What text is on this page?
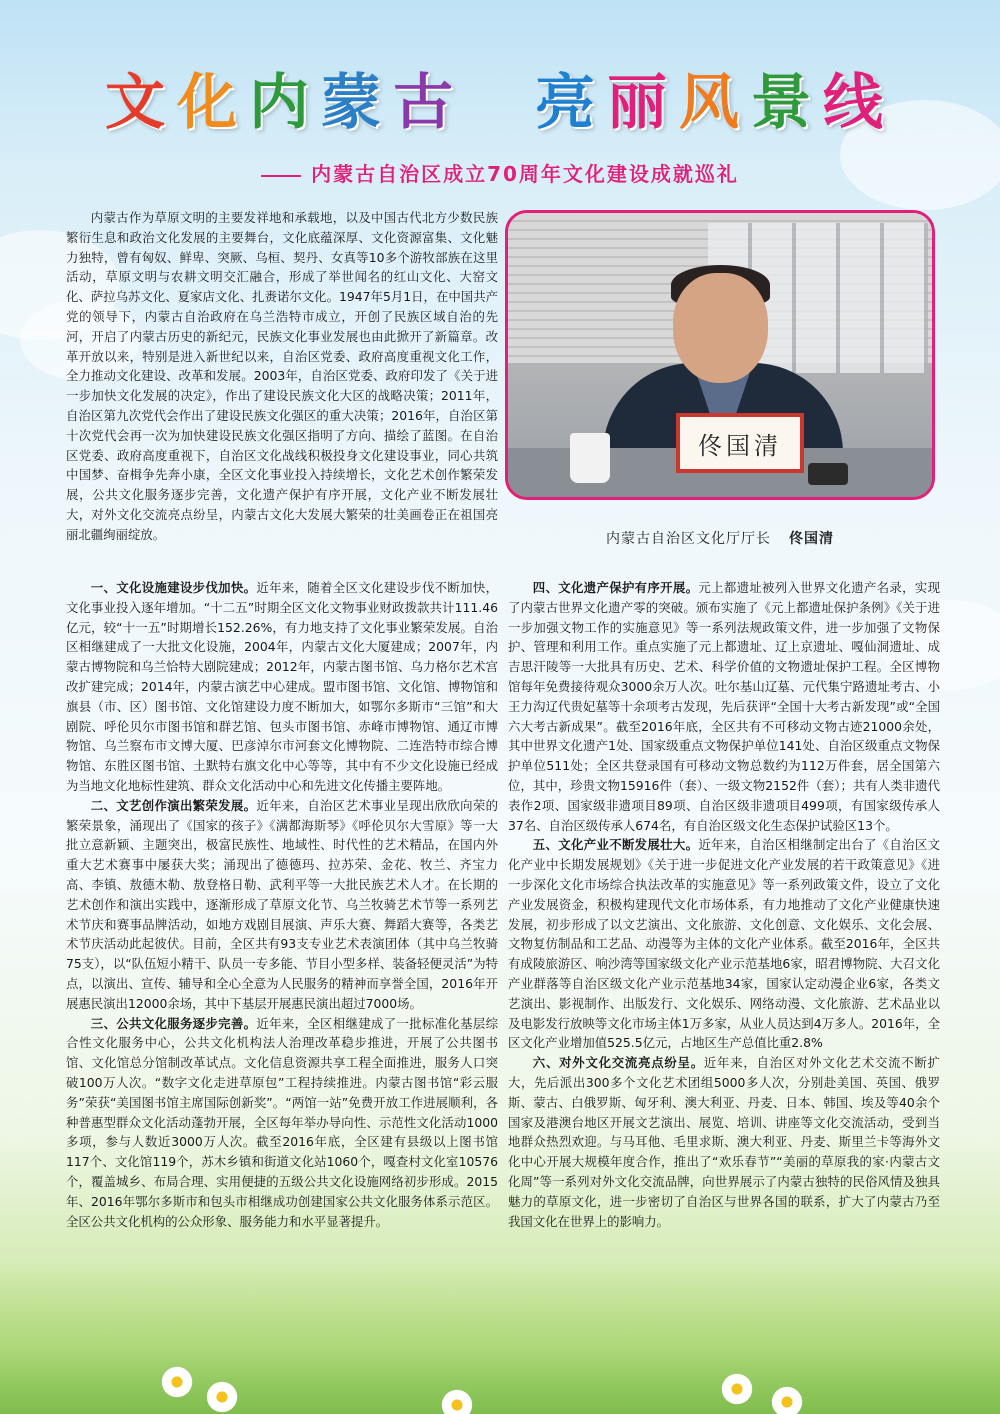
文化内蒙古 亮丽风景线
内蒙古自治区成立70周年文化建设成就巡礼
佟国清
内蒙古自治区文化厅厅长 佟国清
内蒙古作为草原文明的主要发祥地和承载地，以及中国古代北方少数民族繁衍生息和政治文化发展的主要舞台，文化底蕴深厚、文化资源富集、文化魅力独特，曾有匈奴、鲜卑、突厥、乌桓、契丹、女真等10多个游牧部族在这里活动，草原文明与农耕文明交汇融合，形成了举世闻名的红山文化、大窑文化、萨拉乌苏文化、夏家店文化、扎赉诺尔文化。1947年5月1日，在中国共产党的领导下，内蒙古自治政府在乌兰浩特市成立，开创了民族区域自治的先河，开启了内蒙古历史的新纪元，民族文化事业发展也由此掀开了新篇章。改革开放以来，特别是进入新世纪以来，自治区党委、政府高度重视文化工作，全力推动文化建设、改革和发展。2003年，自治区党委、政府印发了《关于进一步加快文化发展的决定》，作出了建设民族文化大区的战略决策；2011年，自治区第九次党代会作出了建设民族文化强区的重大决策；2016年，自治区第十次党代会再一次为加快建设民族文化强区指明了方向、描绘了蓝图。在自治区党委、政府高度重视下，自治区文化战线积极投身文化建设事业，同心共筑中国梦、奋楫争先奔小康，全区文化事业投入持续增长，文化艺术创作繁荣发展，公共文化服务逐步完善，文化遗产保护有序开展，文化产业不断发展壮大，对外文化交流亮点纷呈，内蒙古文化大发展大繁荣的壮美画卷正在祖国亮丽北疆绚丽绽放。

一、文化设施建设步伐加快。近年来，随着全区文化建设步伐不断加快，文化事业投入逐年增加。“十二五”时期全区文化文物事业财政拨款共计111.46亿元，较“十一五”时期增长152.26%，有力地支持了文化事业繁荣发展。自治区相继建成了一大批文化设施，2004年，内蒙古文化大厦建成；2007年，内蒙古博物院和乌兰恰特大剧院建成；2012年，内蒙古图书馆、乌力格尔艺术宫改扩建完成；2014年，内蒙古演艺中心建成。盟市图书馆、文化馆、博物馆和旗县（市、区）图书馆、文化馆建设力度不断加大，如鄂尔多斯市“三馆”和大剧院、呼伦贝尔市图书馆和群艺馆、包头市图书馆、赤峰市博物馆、通辽市博物馆、乌兰察布市文博大厦、巴彦淖尔市河套文化博物院、二连浩特市综合博物馆、东胜区图书馆、土默特右旗文化中心等等，其中有不少文化设施已经成为当地文化地标性建筑、群众文化活动中心和先进文化传播主要阵地。

二、文艺创作演出繁荣发展。近年来，自治区艺术事业呈现出欣欣向荣的繁荣景象，涌现出了《国家的孩子》《满都海斯琴》《呼伦贝尔大雪原》等一大批立意新颖、主题突出，极富民族性、地域性、时代性的艺术精品，在国内外重大艺术赛事中屡获大奖；涌现出了德德玛、拉苏荣、金花、牧兰、齐宝力高、李镇、敖德木勒、敖登格日勒、武利平等一大批民族艺术人才。在长期的艺术创作和演出实践中，逐渐形成了草原文化节、乌兰牧骑艺术节等一系列艺术节庆和赛事品牌活动，如地方戏剧目展演、声乐大赛、舞蹈大赛等，各类艺术节庆活动此起彼伏。目前，全区共有93支专业艺术表演团体（其中乌兰牧骑75支），以“队伍短小精干、队员一专多能、节目小型多样、装备轻便灵活”为特点，以演出、宣传、辅导和全心全意为人民服务的精神而享誉全国，2016年开展惠民演出12000余场，其中下基层开展惠民演出超过7000场。

三、公共文化服务逐步完善。近年来，全区相继建成了一批标准化基层综合性文化服务中心，公共文化机构法人治理改革稳步推进，开展了公共图书馆、文化馆总分馆制改革试点。文化信息资源共享工程全面推进，服务人口突破100万人次。“数字文化走进草原包”工程持续推进。内蒙古图书馆“彩云服务”荣获“美国图书馆主席国际创新奖”。“两馆一站”免费开放工作进展顺利，各种普惠型群众文化活动蓬勃开展，全区每年举办导向性、示范性文化活动1000多项，参与人数近3000万人次。截至2016年底，全区建有县级以上图书馆117个、文化馆119个，苏木乡镇和街道文化站1060个，嘎查村文化室10576个，覆盖城乡、布局合理、实用便捷的五级公共文化设施网络初步形成。2015年、2016年鄂尔多斯市和包头市相继成功创建国家公共文化服务体系示范区。全区公共文化机构的公众形象、服务能力和水平显著提升。

四、文化遗产保护有序开展。元上都遗址被列入世界文化遗产名录，实现了内蒙古世界文化遗产零的突破。颁布实施了《元上都遗址保护条例》《关于进一步加强文物工作的实施意见》等一系列法规政策文件，进一步加强了文物保护、管理和利用工作。重点实施了元上都遗址、辽上京遗址、嘎仙洞遗址、成吉思汗陵等一大批具有历史、艺术、科学价值的文物遗址保护工程。全区博物馆每年免费接待观众3000余万人次。吐尔基山辽墓、元代集宁路遗址考古、小王力沟辽代贵妃墓等十余项考古发现，先后获评“全国十大考古新发现”或“全国六大考古新成果”。截至2016年底，全区共有不可移动文物古迹21000余处，其中世界文化遗产1处、国家级重点文物保护单位141处、自治区级重点文物保护单位511处；全区共登录国有可移动文物总数约为112万件套，居全国第六位，其中，珍贵文物15916件（套）、一级文物2152件（套）；共有人类非遗代表作2项、国家级非遗项目89项、自治区级非遗项目499项，有国家级传承人37名、自治区级传承人674名，有自治区级文化生态保护试验区13个。

五、文化产业不断发展壮大。近年来，自治区相继制定出台了《自治区文化产业中长期发展规划》《关于进一步促进文化产业发展的若干政策意见》《进一步深化文化市场综合执法改革的实施意见》等一系列政策文件，设立了文化产业发展资金，积极构建现代文化市场体系，有力地推动了文化产业健康快速发展，初步形成了以文艺演出、文化旅游、文化创意、文化娱乐、文化会展、文物复仿制品和工艺品、动漫等为主体的文化产业体系。截至2016年，全区共有成陵旅游区、响沙湾等国家级文化产业示范基地6家，昭君博物院、大召文化产业群落等自治区级文化产业示范基地34家，国家认定动漫企业6家，各类文艺演出、影视制作、出版发行、文化娱乐、网络动漫、文化旅游、艺术品业以及电影发行放映等文化市场主体1万多家，从业人员达到4万多人。2016年，全区文化产业增加值525.5亿元，占地区生产总值比重2.8%

六、对外文化交流亮点纷呈。近年来，自治区对外文化艺术交流不断扩大，先后派出300多个文化艺术团组5000多人次，分别赴美国、英国、俄罗斯、蒙古、白俄罗斯、匈牙利、澳大利亚、丹麦、日本、韩国、埃及等40余个国家及港澳台地区开展文艺演出、展览、培训、讲座等文化交流活动，受到当地群众热烈欢迎。与马耳他、毛里求斯、澳大利亚、丹麦、斯里兰卡等海外文化中心开展大规模年度合作，推出了“欢乐春节”“美丽的草原我的家·内蒙古文化周”等一系列对外文化交流品牌，向世界展示了内蒙古独特的民俗风情及独具魅力的草原文化，进一步密切了自治区与世界各国的联系，扩大了内蒙古乃至我国文化在世界上的影响力。
